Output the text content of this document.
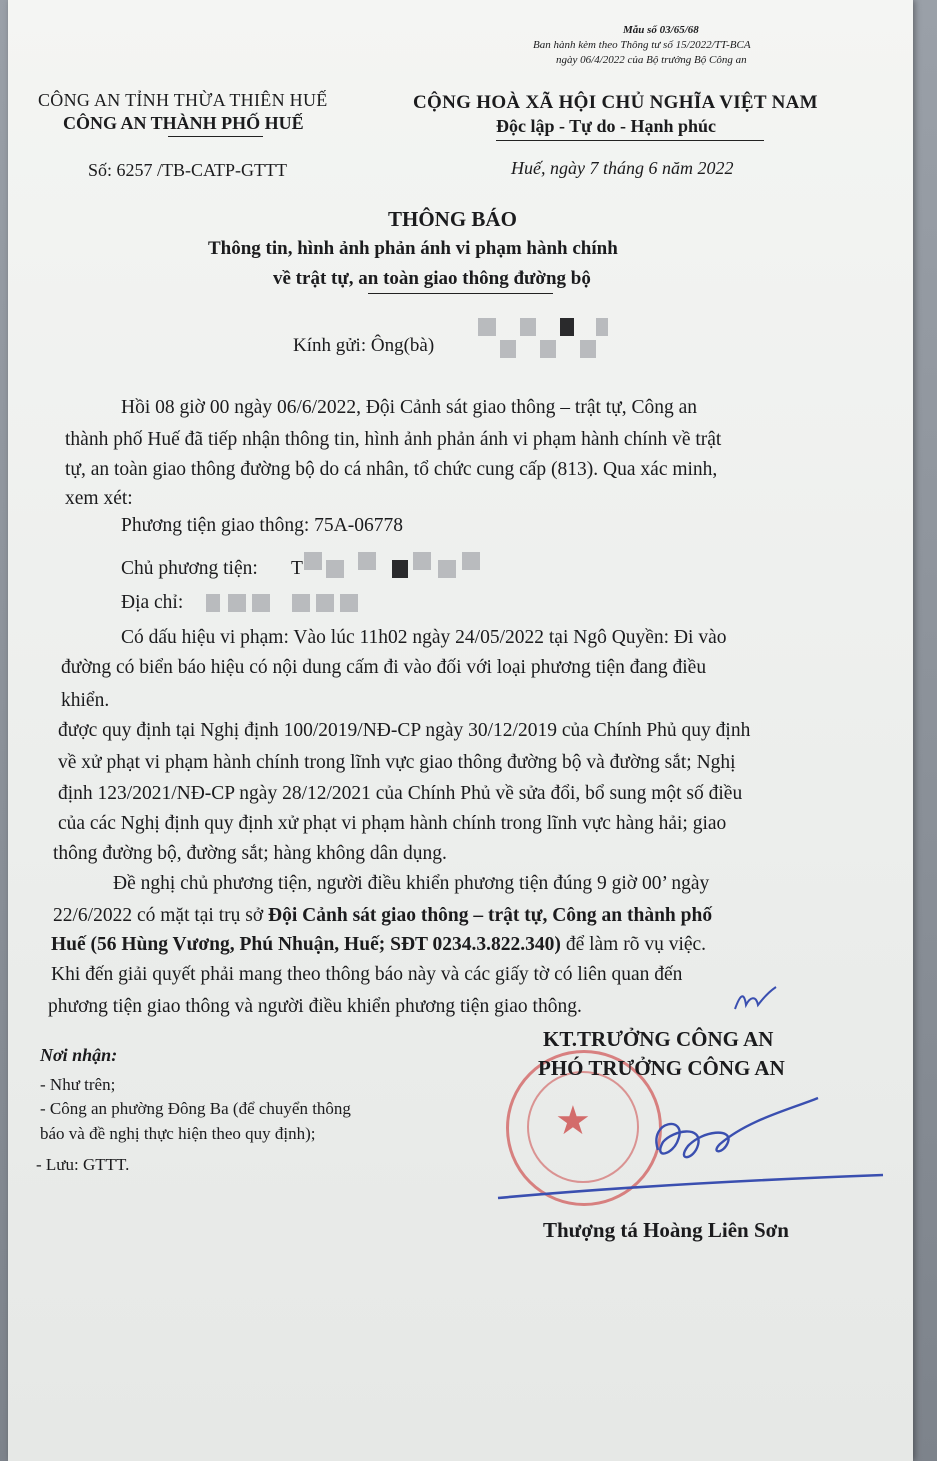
Mẫu số 03/65/68
Ban hành kèm theo Thông tư số 15/2022/TT-BCA
ngày 06/4/2022 của Bộ trưởng Bộ Công an
CÔNG AN TỈNH THỪA THIÊN HUẾ
CÔNG AN THÀNH PHỐ HUẾ
CỘNG HOÀ XÃ HỘI CHỦ NGHĨA VIỆT NAM
Độc lập - Tự do - Hạnh phúc
Số: 6257 /TB-CATP-GTTT	Huế, ngày 7 tháng 6 năm 2022
THÔNG BÁO
Thông tin, hình ảnh phản ánh vi phạm hành chính
về trật tự, an toàn giao thông đường bộ
Kính gửi: Ông(bà)
Hồi 08 giờ 00 ngày 06/6/2022, Đội Cảnh sát giao thông – trật tự, Công an
thành phố Huế đã tiếp nhận thông tin, hình ảnh phản ánh vi phạm hành chính về trật
tự, an toàn giao thông đường bộ do cá nhân, tổ chức cung cấp (813). Qua xác minh,
xem xét:
Phương tiện giao thông: 75A-06778
Chủ phương tiện: T
Địa chỉ:
Có dấu hiệu vi phạm: Vào lúc 11h02 ngày 24/05/2022 tại Ngô Quyền: Đi vào
đường có biển báo hiệu có nội dung cấm đi vào đối với loại phương tiện đang điều
khiển.
được quy định tại Nghị định 100/2019/NĐ-CP ngày 30/12/2019 của Chính Phủ quy định
về xử phạt vi phạm hành chính trong lĩnh vực giao thông đường bộ và đường sắt; Nghị
định 123/2021/NĐ-CP ngày 28/12/2021 của Chính Phủ về sửa đổi, bổ sung một số điều
của các Nghị định quy định xử phạt vi phạm hành chính trong lĩnh vực hàng hải; giao
thông đường bộ, đường sắt; hàng không dân dụng.
Đề nghị chủ phương tiện, người điều khiển phương tiện đúng 9 giờ 00’ ngày
22/6/2022 có mặt tại trụ sở Đội Cảnh sát giao thông – trật tự, Công an thành phố
Huế (56 Hùng Vương, Phú Nhuận, Huế; SĐT 0234.3.822.340) để làm rõ vụ việc.
Khi đến giải quyết phải mang theo thông báo này và các giấy tờ có liên quan đến
phương tiện giao thông và người điều khiển phương tiện giao thông.
Nơi nhận:
- Như trên;
- Công an phường Đông Ba (để chuyển thông
báo và đề nghị thực hiện theo quy định);
- Lưu: GTTT.
★
KT.TRƯỞNG CÔNG AN
PHÓ TRƯỞNG CÔNG AN
Thượng tá Hoàng Liên Sơn
